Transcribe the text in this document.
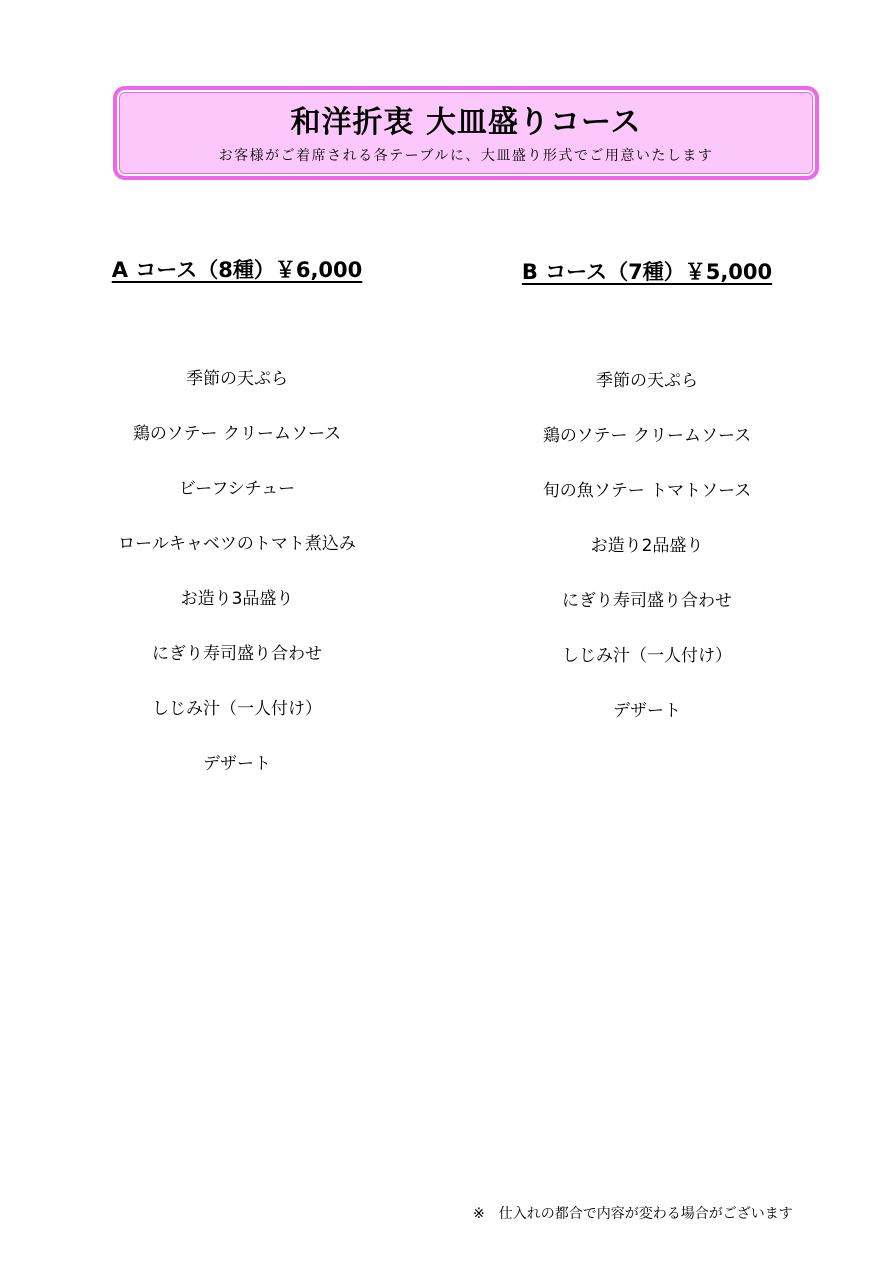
和洋折衷 大皿盛りコース
お客様がご着席される各テーブルに、大皿盛り形式でご用意いたします
A コース（8種）￥6,000
季節の天ぷら
鶏のソテー クリームソース
ビーフシチュー
ロールキャベツのトマト煮込み
お造り3品盛り
にぎり寿司盛り合わせ
しじみ汁（一人付け）
デザート
B コース（7種）￥5,000
季節の天ぷら
鶏のソテー クリームソース
旬の魚ソテー トマトソース
お造り2品盛り
にぎり寿司盛り合わせ
しじみ汁（一人付け）
デザート
※　仕入れの都合で内容が変わる場合がございます
